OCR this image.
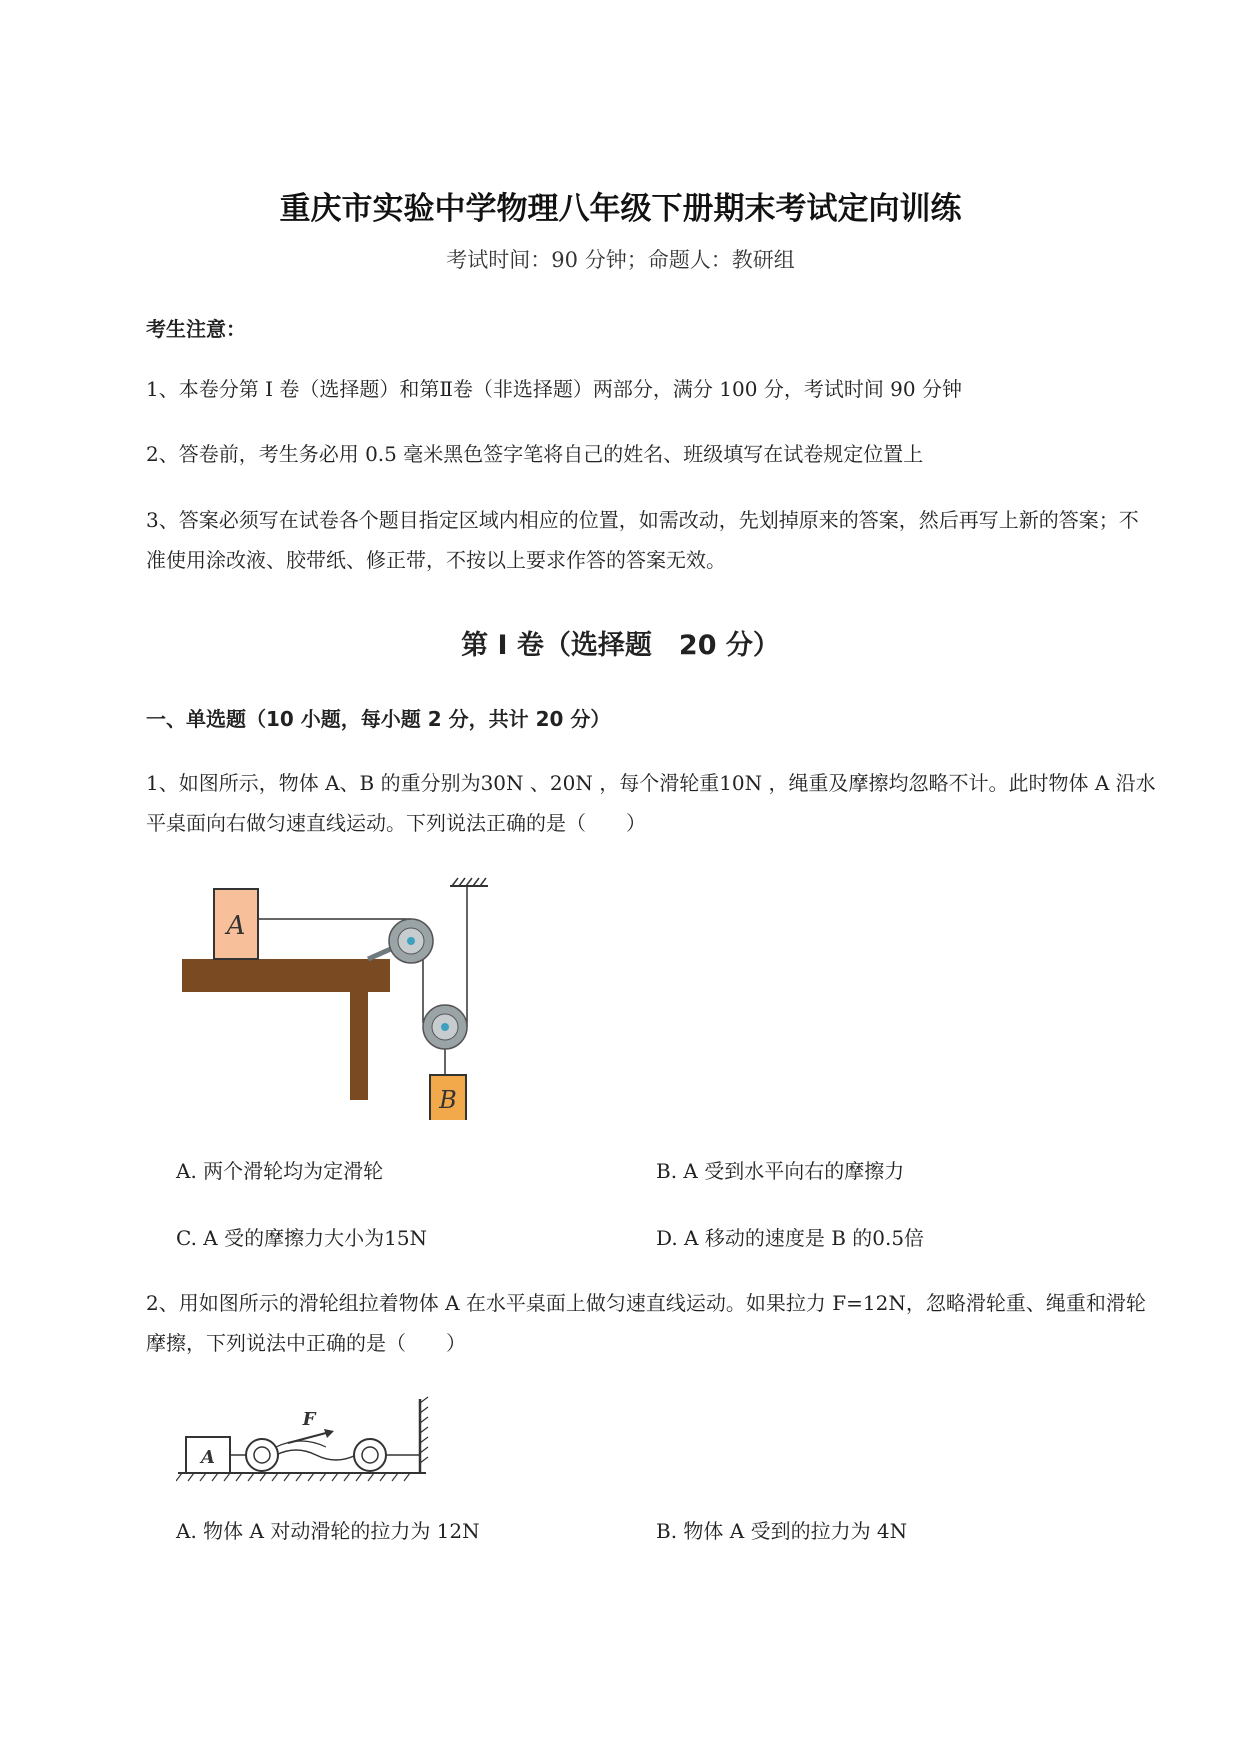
重庆市实验中学物理八年级下册期末考试定向训练
考试时间：90 分钟；命题人：教研组
考生注意：
1、本卷分第 I 卷（选择题）和第Ⅱ卷（非选择题）两部分，满分 100 分，考试时间 90 分钟
2、答卷前，考生务必用 0.5 毫米黑色签字笔将自己的姓名、班级填写在试卷规定位置上
3、答案必须写在试卷各个题目指定区域内相应的位置，如需改动，先划掉原来的答案，然后再写上新的答案；不准使用涂改液、胶带纸、修正带，不按以上要求作答的答案无效。
第 I 卷（选择题　20 分）
一、单选题（10 小题，每小题 2 分，共计 20 分）
1、如图所示，物体 A、B 的重分别为30N 、20N ，每个滑轮重10N ，绳重及摩擦均忽略不计。此时物体 A 沿水平桌面向右做匀速直线运动。下列说法正确的是（　　）
A
B
A. 两个滑轮均为定滑轮	B. A 受到水平向右的摩擦力
C. A 受的摩擦力大小为15N	D. A 移动的速度是 B 的0.5倍
2、用如图所示的滑轮组拉着物体 A 在水平桌面上做匀速直线运动。如果拉力 F=12N，忽略滑轮重、绳重和滑轮摩擦，下列说法中正确的是（　　）
A
F
A. 物体 A 对动滑轮的拉力为 12N	B. 物体 A 受到的拉力为 4N
